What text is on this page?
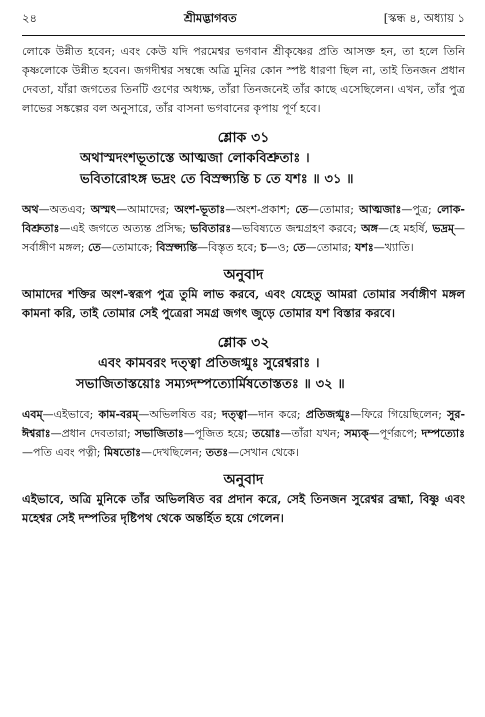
২৪	শ্রীমদ্ভাগবত	[স্কন্ধ ৪, অধ্যায় ১

লোকে উন্নীত হবেন; এবং কেউ যদি পরমেশ্বর ভগবান শ্রীকৃষ্ণের প্রতি আসক্ত হন, তা হলে তিনি কৃষ্ণলোকে উন্নীত হবেন। জগদীশ্বর সম্বন্ধে অত্রি মুনির কোন স্পষ্ট ধারণা ছিল না, তাই তিনজন প্রধান দেবতা, যাঁরা জগতের তিনটি গুণের অধ্যক্ষ, তাঁরা তিনজনেই তাঁর কাছে এসেছিলেন। এখন, তাঁর পুত্র লাভের সঙ্কল্পের বল অনুসারে, তাঁর বাসনা ভগবানের কৃপায় পূর্ণ হবে।

শ্লোক ৩১
অথাস্মদংশভূতাস্তে আত্মজা লোকবিশ্রুতাঃ ।
ভবিতারোঽঙ্গ ভদ্রং তে বিস্রপ্স্যন্তি চ তে যশঃ ॥ ৩১ ॥

অথ—অতএব; অস্মৎ—আমাদের; অংশ-ভূতাঃ—অংশ-প্রকাশ; তে—তোমার; আত্মজাঃ—পুত্র; লোক-বিশ্রুতাঃ—এই জগতে অত্যন্ত প্রসিদ্ধ; ভবিতারঃ—ভবিষ্যতে জন্মগ্রহণ করবে; অঙ্গ—হে মহর্ষি, ভদ্রম্—সর্বাঙ্গীণ মঙ্গল; তে—তোমাকে; বিস্রপ্স্যন্তি—বিস্তৃত হবে; চ—ও; তে—তোমার; যশঃ—খ্যাতি।

অনুবাদ

আমাদের শক্তির অংশ-স্বরূপ পুত্র তুমি লাভ করবে, এবং যেহেতু আমরা তোমার সর্বাঙ্গীণ মঙ্গল কামনা করি, তাই তোমার সেই পুত্রেরা সমগ্র জগৎ জুড়ে তোমার যশ বিস্তার করবে।

শ্লোক ৩২
এবং কামবরং দত্ত্বা প্রতিজগ্মুঃ সুরেশ্বরাঃ ।
সভাজিতাস্তয়োঃ সম্যগ্দম্পত্যোর্মিষতোস্ততঃ ॥ ৩২ ॥

এবম্—এইভাবে; কাম-বরম্—অভিলষিত বর; দত্ত্বা—দান করে; প্রতিজগ্মুঃ—ফিরে গিয়েছিলেন; সুর-ঈশ্বরাঃ—প্রধান দেবতারা; সভাজিতাঃ—পূজিত হয়ে; তয়োঃ—তাঁরা যখন; সম্যক্—পূর্ণরূপে; দম্পত্যোঃ—পতি এবং পত্নী; মিষতোঃ—দেখছিলেন; ততঃ—সেখান থেকে।

অনুবাদ

এইভাবে, অত্রি মুনিকে তাঁর অভিলষিত বর প্রদান করে, সেই তিনজন সুরেশ্বর ব্রহ্মা, বিষ্ণু এবং মহেশ্বর সেই দম্পতির দৃষ্টিপথ থেকে অন্তর্হিত হয়ে গেলেন।
